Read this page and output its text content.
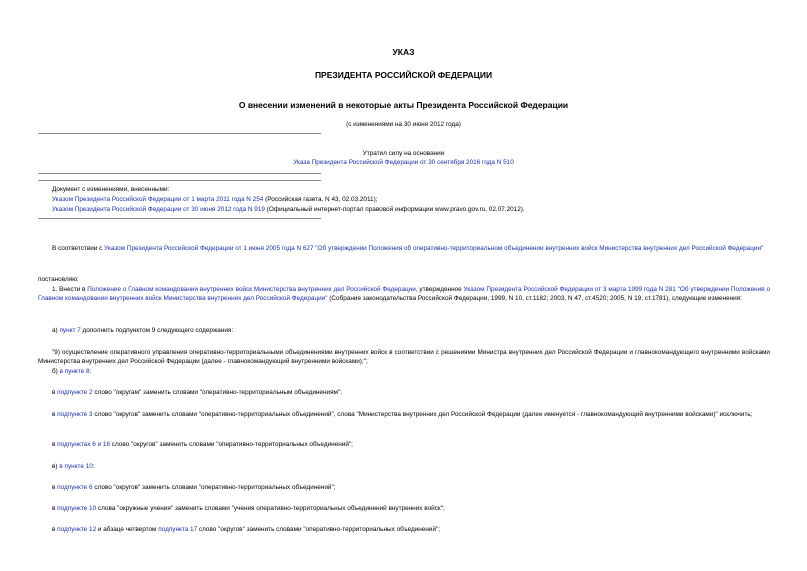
УКАЗ
ПРЕЗИДЕНТА РОССИЙСКОЙ ФЕДЕРАЦИИ
О внесении изменений в некоторые акты Президента Российской Федерации
(с изменениями на 30 июня 2012 года)
Утратил силу на основании
Указа Президента Российской Федерации от 30 сентября 2016 года N 510
Документ с изменениями, внесенными:
Указом Президента Российской Федерации от 1 марта 2011 года N 254 (Российская газета, N 43, 02.03.2011);
Указом Президента Российской Федерации от 30 июня 2012 года N 919 (Официальный интернет-портал правовой информации www.pravo.gov.ru, 02.07.2012).
В соответствии с Указом Президента Российской Федерации от 1 июня 2005 года N 627 "Об утверждении Положения об оперативно-территориальном объединении внутренних войск Министерства внутренних дел Российской Федерации"
постановляю:
1. Внести в Положение о Главном командовании внутренних войск Министерства внутренних дел Российской Федерации, утвержденное Указом Президента Российской Федерации от 3 марта 1999 года N 281 "Об утверждении Положения о Главном командовании внутренних войск Министерства внутренних дел Российской Федерации" (Собрание законодательства Российской Федерации, 1999, N 10, ст.1182; 2003, N 47, ст.4520; 2005, N 19, ст.1781), следующие изменения:
а) пункт 7 дополнить подпунктом 9 следующего содержания:
"9) осуществление оперативного управления оперативно-территориальными объединениями внутренних войск в соответствии с решениями Министра внутренних дел Российской Федерации и главнокомандующего внутренними войсками Министерства внутренних дел Российской Федерации (далее - главнокомандующий внутренними войсками);";
б) в пункте 8:
в подпункте 2 слово "округам" заменить словами "оперативно-территориальным объединениям";
в подпункте 3 слово "округов" заменить словами "оперативно-территориальных объединений", слова "Министерства внутренних дел Российской Федерации (далее именуется - главнокомандующий внутренними войсками)" исключить;
в подпунктах 6 и 16 слово "округов" заменить словами "оперативно-территориальных объединений";
в) в пункте 10:
в подпункте 6 слово "округов" заменить словами "оперативно-территориальных объединений";
в подпункте 10 слова "окружные учения" заменить словами "учения оперативно-территориальных объединений внутренних войск";
в подпункте 12 и абзаце четвертом подпункта 17 слово "округов" заменить словами "оперативно-территориальных объединений";
